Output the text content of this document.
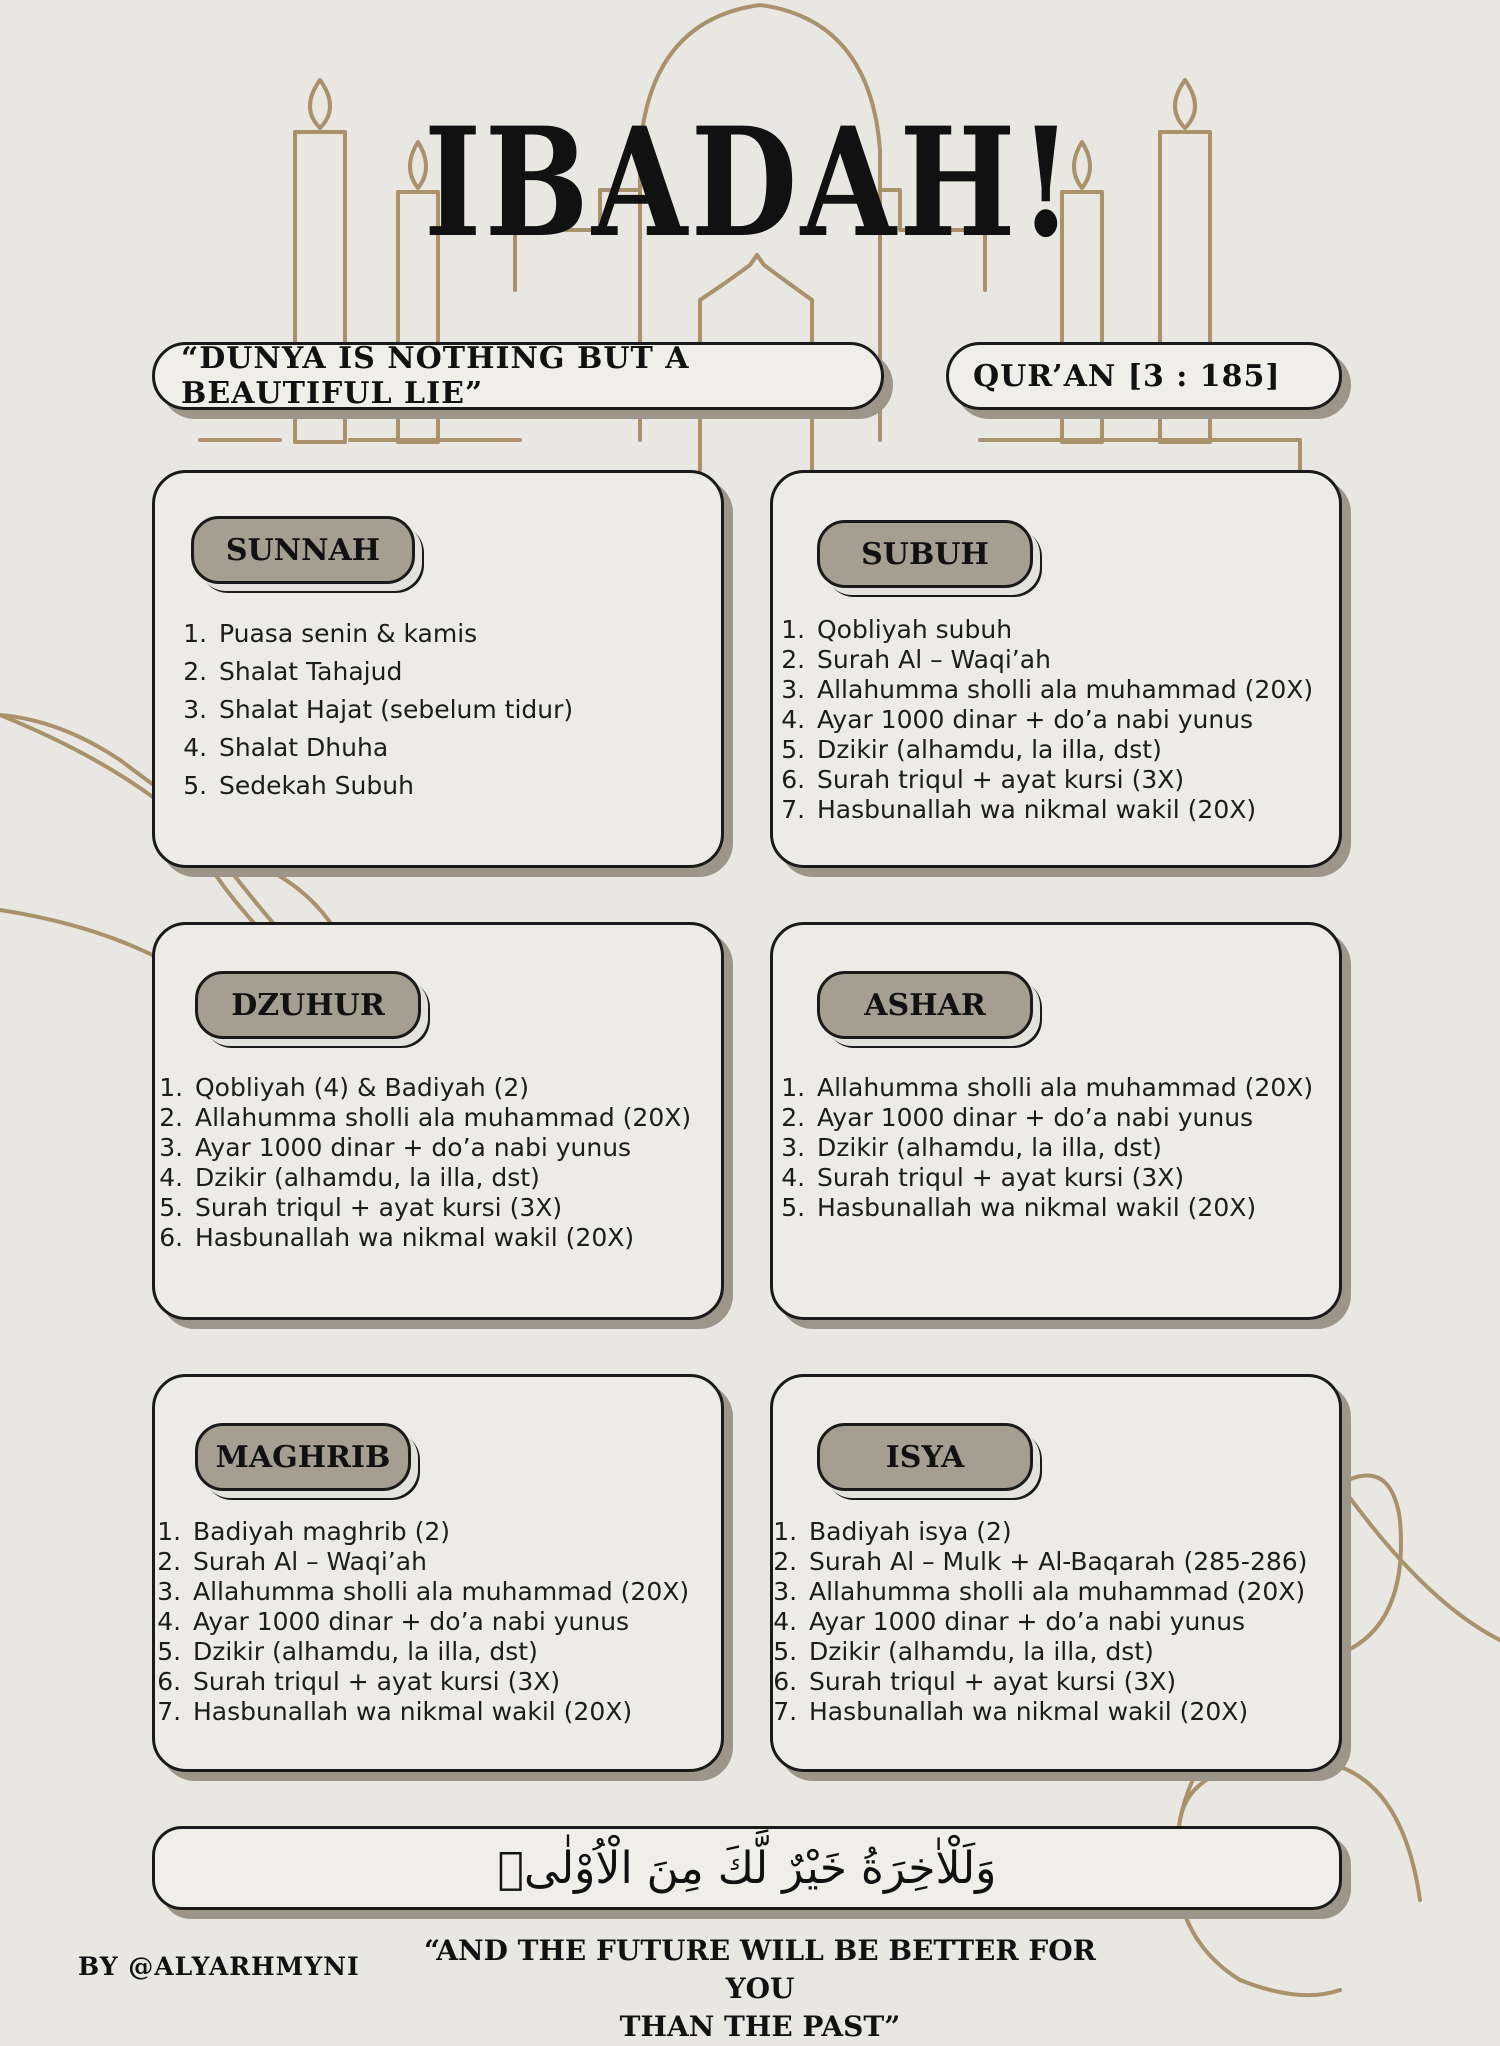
IBADAH!
“DUNYA IS NOTHING BUT A BEAUTIFUL LIE”	QUR’AN [3 : 185]
SUNNAH
1. Puasa senin & kamis
2. Shalat Tahajud
3. Shalat Hajat (sebelum tidur)
4. Shalat Dhuha
5. Sedekah Subuh
SUBUH
1. Qobliyah subuh
2. Surah Al – Waqi’ah
3. Allahumma sholli ala muhammad (20X)
4. Ayar 1000 dinar + do’a nabi yunus
5. Dzikir (alhamdu, la illa, dst)
6. Surah triqul + ayat kursi (3X)
7. Hasbunallah wa nikmal wakil (20X)
DZUHUR
1. Qobliyah (4) & Badiyah (2)
2. Allahumma sholli ala muhammad (20X)
3. Ayar 1000 dinar + do’a nabi yunus
4. Dzikir (alhamdu, la illa, dst)
5. Surah triqul + ayat kursi (3X)
6. Hasbunallah wa nikmal wakil (20X)
ASHAR
1. Allahumma sholli ala muhammad (20X)
2. Ayar 1000 dinar + do’a nabi yunus
3. Dzikir (alhamdu, la illa, dst)
4. Surah triqul + ayat kursi (3X)
5. Hasbunallah wa nikmal wakil (20X)
MAGHRIB
1. Badiyah maghrib (2)
2. Surah Al – Waqi’ah
3. Allahumma sholli ala muhammad (20X)
4. Ayar 1000 dinar + do’a nabi yunus
5. Dzikir (alhamdu, la illa, dst)
6. Surah triqul + ayat kursi (3X)
7. Hasbunallah wa nikmal wakil (20X)
ISYA
1. Badiyah isya (2)
2. Surah Al – Mulk + Al-Baqarah (285-286)
3. Allahumma sholli ala muhammad (20X)
4. Ayar 1000 dinar + do’a nabi yunus
5. Dzikir (alhamdu, la illa, dst)
6. Surah triqul + ayat kursi (3X)
7. Hasbunallah wa nikmal wakil (20X)
وَلَلْاٰخِرَةُ خَيْرٌ لَّكَ مِنَ الْاُوْلٰىۗ
BY @ALYARHMYNI “AND THE FUTURE WILL BE BETTER FOR YOU
THAN THE PAST”
